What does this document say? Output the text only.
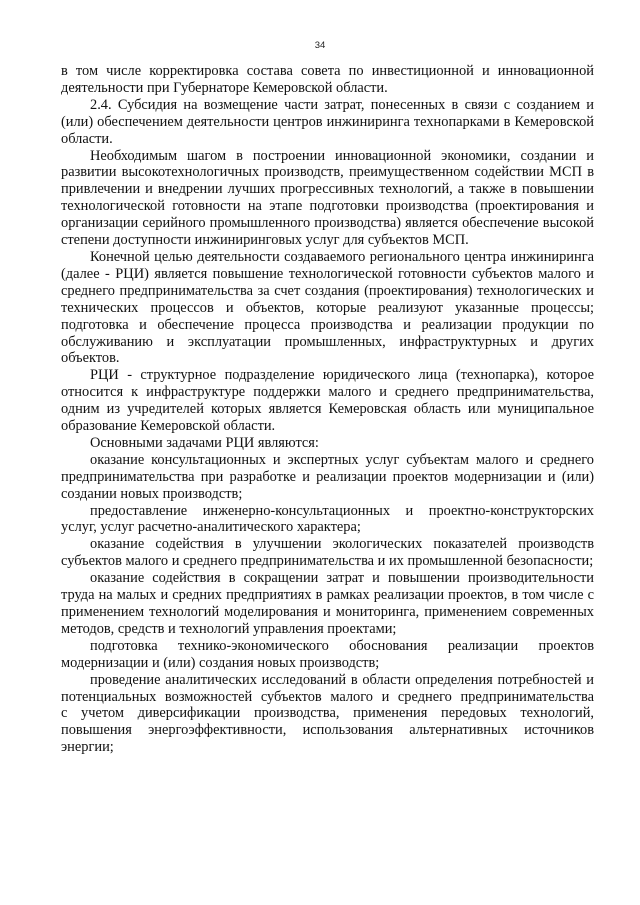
34

в том числе корректировка состава совета по инвестиционной и инновационной деятельности при Губернаторе Кемеровской области.

2.4. Субсидия на возмещение части затрат, понесенных в связи с созданием и (или) обеспечением деятельности центров инжиниринга технопарками в Кемеровской области.

Необходимым шагом в построении инновационной экономики, создании и развитии высокотехнологичных производств, преимущественном содействии МСП в привлечении и внедрении лучших прогрессивных технологий, а также в повышении технологической готовности на этапе подготовки производства (проектирования и организации серийного промышленного производства) является обеспечение высокой степени доступности инжиниринговых услуг для субъектов МСП.

Конечной целью деятельности создаваемого регионального центра инжиниринга (далее - РЦИ) является повышение технологической готовности субъектов малого и среднего предпринимательства за счет создания (проектирования) технологических и технических процессов и объектов, которые реализуют указанные процессы; подготовка и обеспечение процесса производства и реализации продукции по обслуживанию и эксплуатации промышленных, инфраструктурных и других объектов.

РЦИ - структурное подразделение юридического лица (технопарка), которое относится к инфраструктуре поддержки малого и среднего предпринимательства, одним из учредителей которых является Кемеровская область или муниципальное образование Кемеровской области.

Основными задачами РЦИ являются:

оказание консультационных и экспертных услуг субъектам малого и среднего предпринимательства при разработке и реализации проектов модернизации и (или) создании новых производств;

предоставление инженерно-консультационных и проектно-конструкторских услуг, услуг расчетно-аналитического характера;

оказание содействия в улучшении экологических показателей производств субъектов малого и среднего предпринимательства и их промышленной безопасности;

оказание содействия в сокращении затрат и повышении производительности труда на малых и средних предприятиях в рамках реализации проектов, в том числе с применением технологий моделирования и мониторинга, применением современных методов, средств и технологий управления проектами;

подготовка технико-экономического обоснования реализации проектов модернизации и (или) создания новых производств;

проведение аналитических исследований в области определения потребностей и потенциальных возможностей субъектов малого и среднего предпринимательства

с учетом диверсификации производства, применения передовых технологий, повышения энергоэффективности, использования альтернативных источников энергии;
